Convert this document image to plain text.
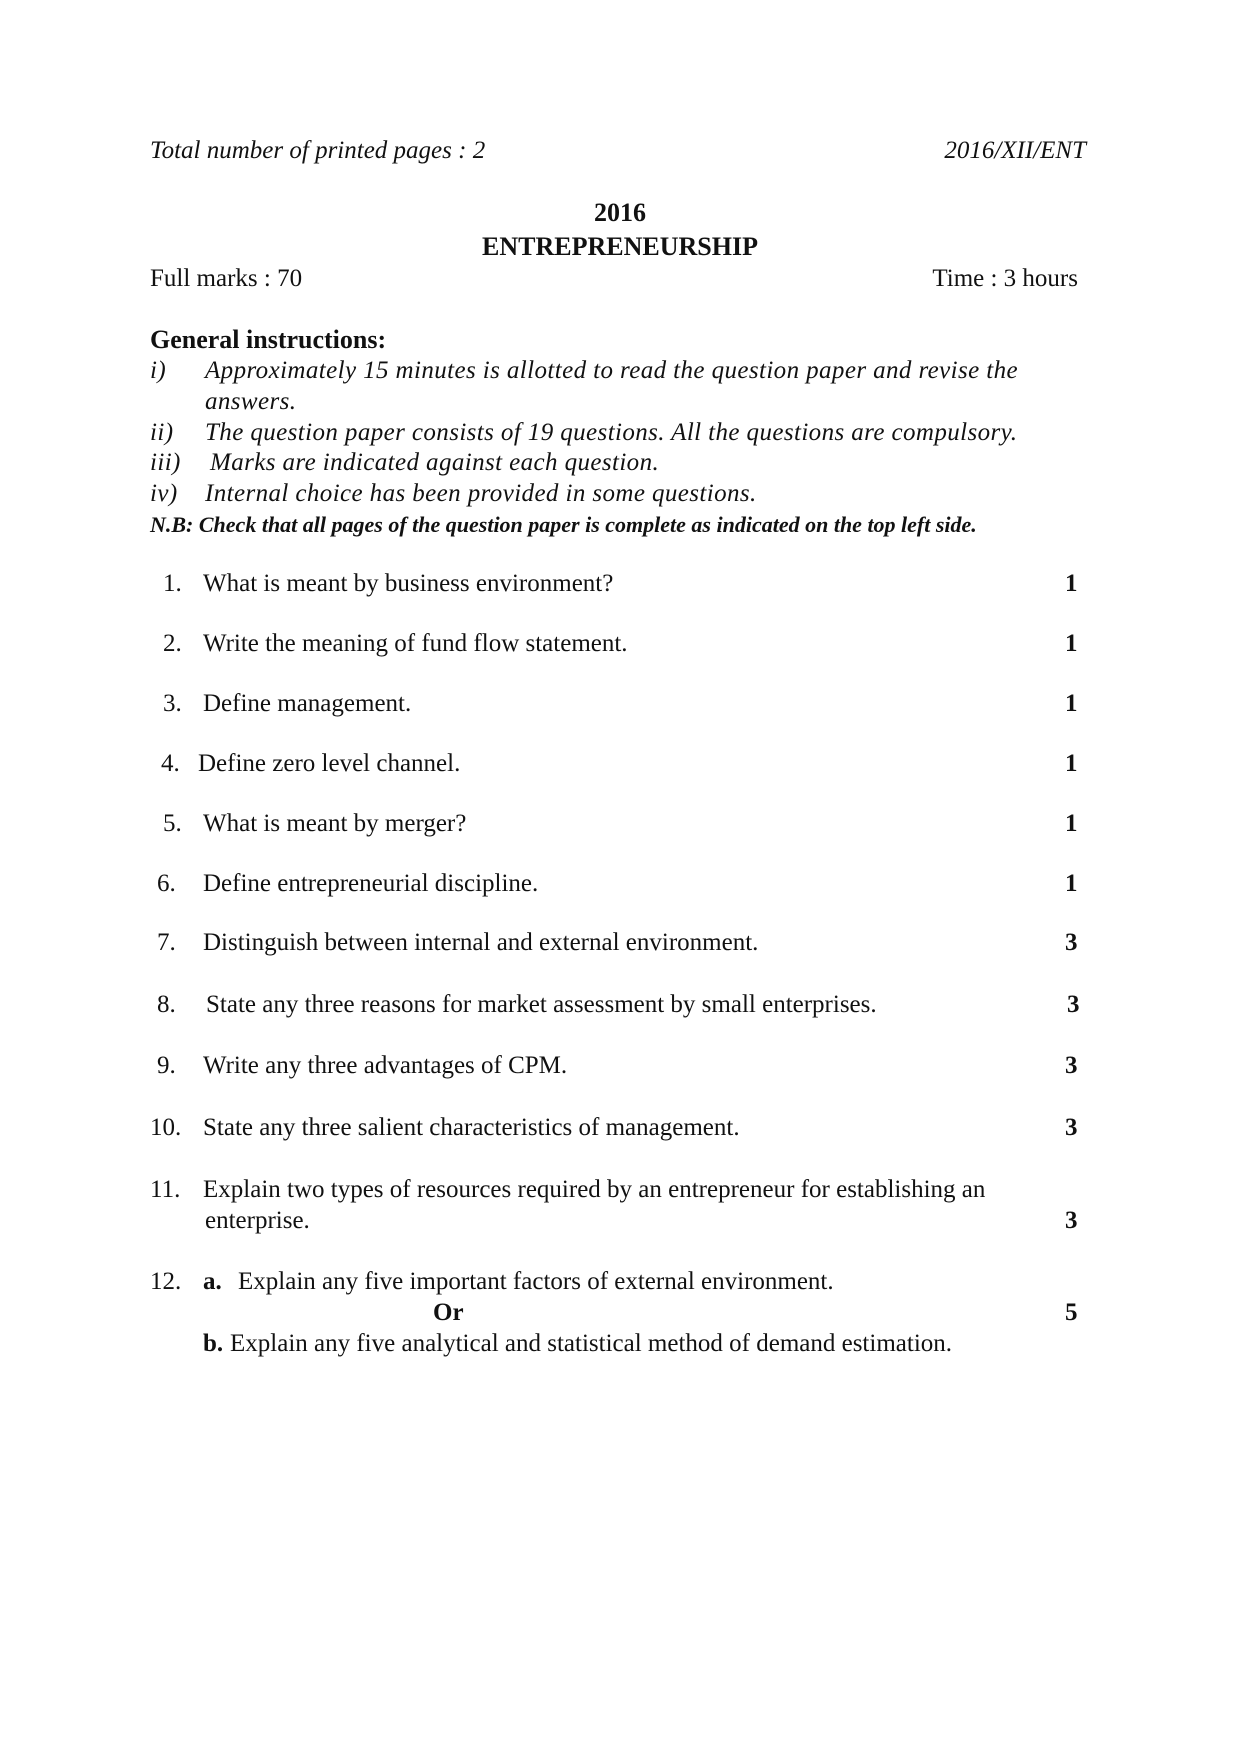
Total number of printed pages : 2	2016/XII/ENT
2016
ENTREPRENEURSHIP
Full marks : 70	Time : 3 hours
General instructions:
i) Approximately 15 minutes is allotted to read the question paper and revise the
answers.
ii) The question paper consists of 19 questions. All the questions are compulsory.
iii) Marks are indicated against each question.
iv) Internal choice has been provided in some questions.
N.B: Check that all pages of the question paper is complete as indicated on the top left side.
1. What is meant by business environment?	1
2. Write the meaning of fund flow statement.	1
3. Define management.	1
4. Define zero level channel.	1
5. What is meant by merger?	1
6. Define entrepreneurial discipline.	1
7. Distinguish between internal and external environment.	3
8. State any three reasons for market assessment by small enterprises.	3
9. Write any three advantages of CPM.	3
10. State any three salient characteristics of management.	3
11. Explain two types of resources required by an entrepreneur for establishing an
enterprise.	3
12. a. Explain any five important factors of external environment.
Or	5
b. Explain any five analytical and statistical method of demand estimation.
